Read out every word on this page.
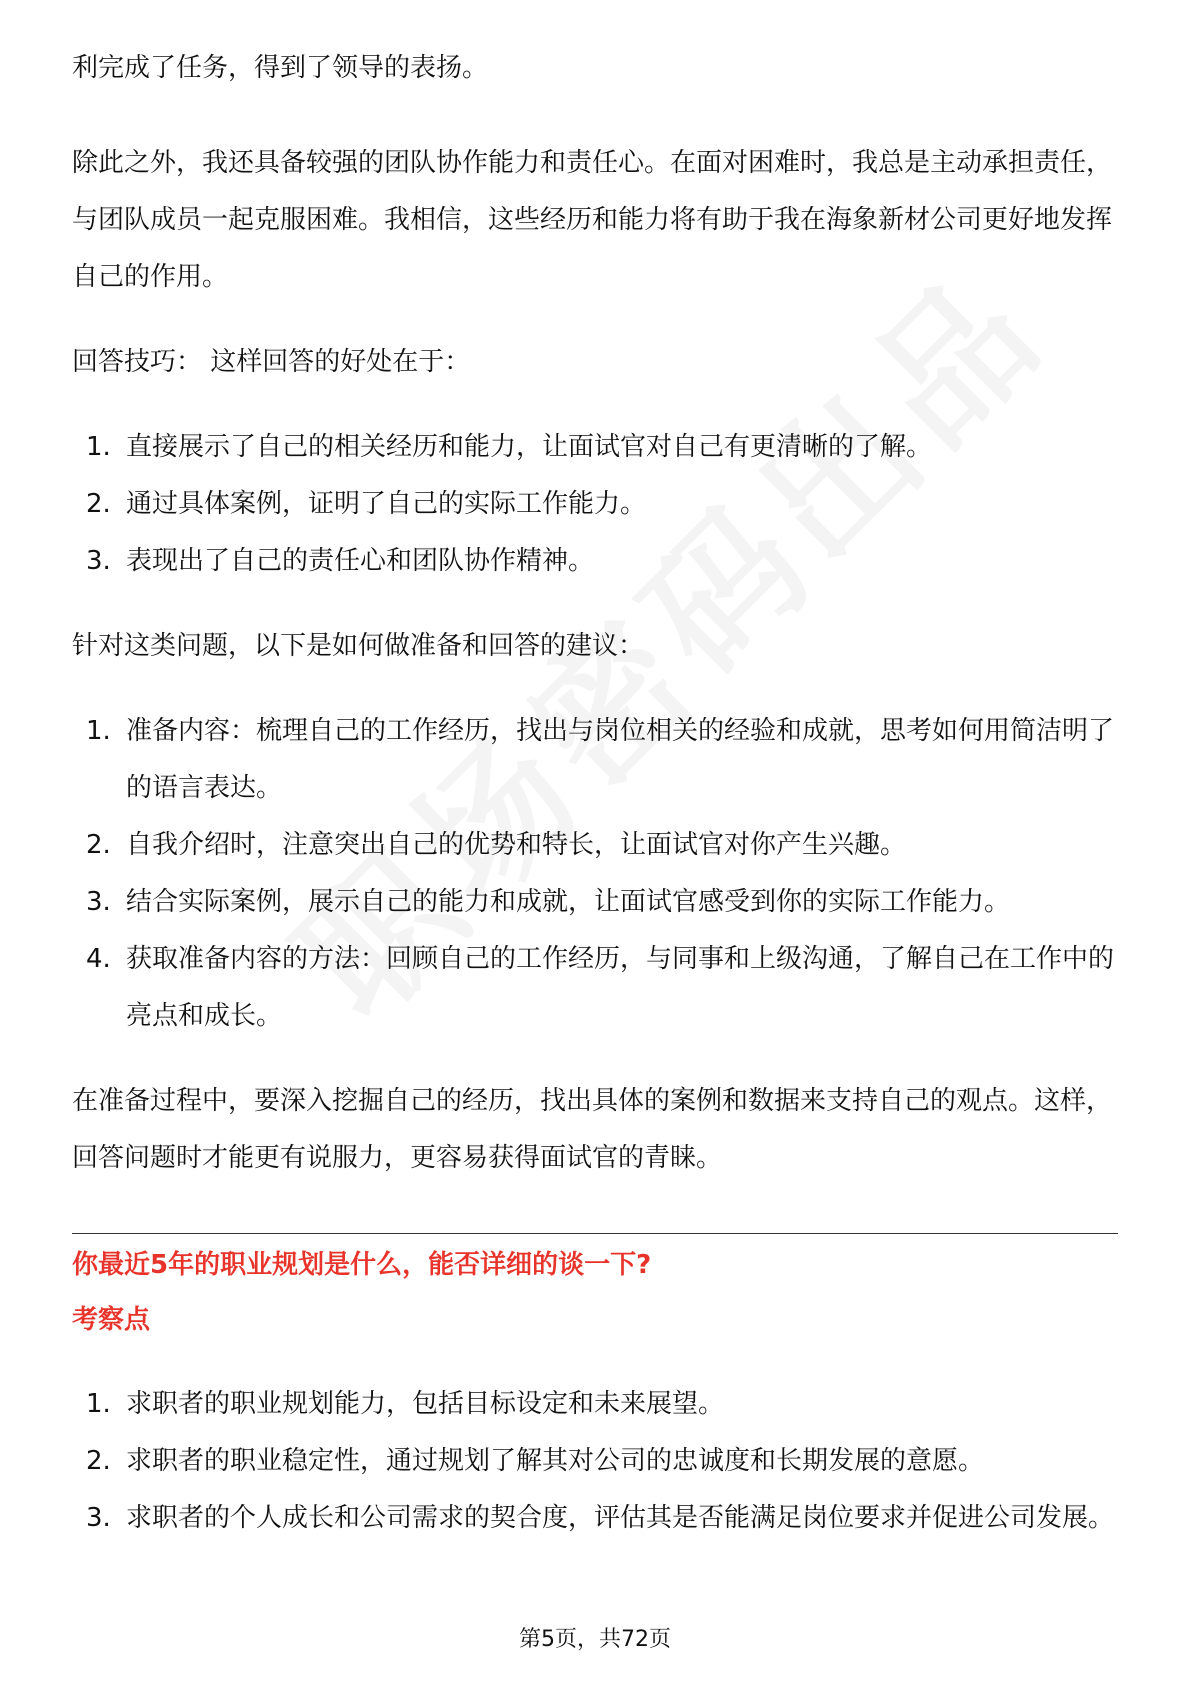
利完成了任务，得到了领导的表扬。

除此之外，我还具备较强的团队协作能力和责任心。在面对困难时，我总是主动承担责任，与团队成员一起克服困难。我相信，这些经历和能力将有助于我在海象新材公司更好地发挥自己的作用。

回答技巧： 这样回答的好处在于：

1. 直接展示了自己的相关经历和能力，让面试官对自己有更清晰的了解。
2. 通过具体案例，证明了自己的实际工作能力。
3. 表现出了自己的责任心和团队协作精神。

针对这类问题，以下是如何做准备和回答的建议：

1. 准备内容：梳理自己的工作经历，找出与岗位相关的经验和成就，思考如何用简洁明了的语言表达。
2. 自我介绍时，注意突出自己的优势和特长，让面试官对你产生兴趣。
3. 结合实际案例，展示自己的能力和成就，让面试官感受到你的实际工作能力。
4. 获取准备内容的方法：回顾自己的工作经历，与同事和上级沟通，了解自己在工作中的亮点和成长。

在准备过程中，要深入挖掘自己的经历，找出具体的案例和数据来支持自己的观点。这样，回答问题时才能更有说服力，更容易获得面试官的青睐。

你最近5年的职业规划是什么，能否详细的谈一下?

考察点

1. 求职者的职业规划能力，包括目标设定和未来展望。
2. 求职者的职业稳定性，通过规划了解其对公司的忠诚度和长期发展的意愿。
3. 求职者的个人成长和公司需求的契合度，评估其是否能满足岗位要求并促进公司发展。
第5页，共72页
